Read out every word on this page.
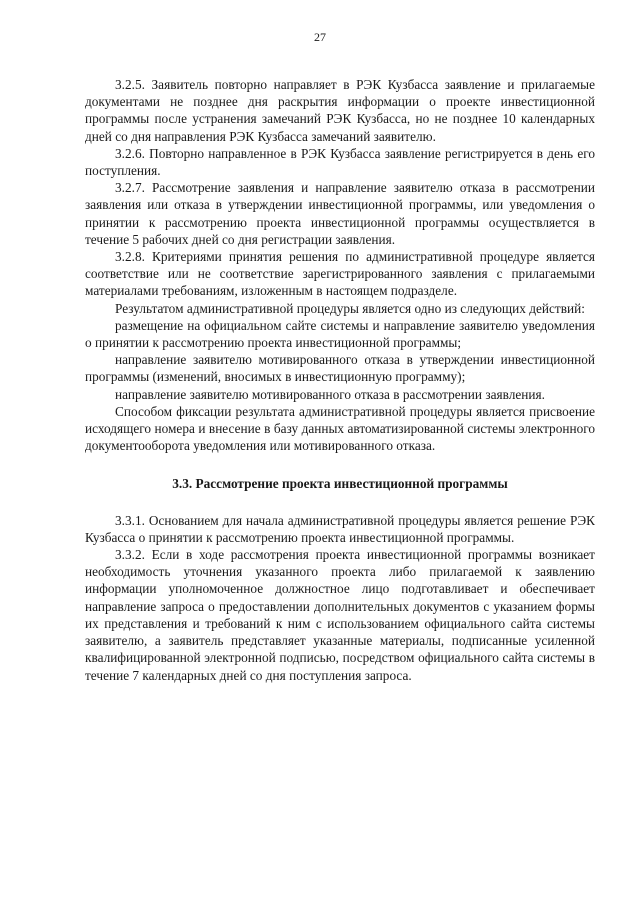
27

3.2.5. Заявитель повторно направляет в РЭК Кузбасса заявление и прилагаемые документами не позднее дня раскрытия информации о проекте инвестиционной программы после устранения замечаний РЭК Кузбасса, но не позднее 10 календарных дней со дня направления РЭК Кузбасса замечаний заявителю.

3.2.6. Повторно направленное в РЭК Кузбасса заявление регистрируется в день его поступления.

3.2.7. Рассмотрение заявления и направление заявителю отказа в рассмотрении заявления или отказа в утверждении инвестиционной программы, или уведомления о принятии к рассмотрению проекта инвестиционной программы осуществляется в течение 5 рабочих дней со дня регистрации заявления.

3.2.8. Критериями принятия решения по административной процедуре является соответствие или не соответствие зарегистрированного заявления с прилагаемыми материалами требованиям, изложенным в настоящем подразделе.

Результатом административной процедуры является одно из следующих действий:

размещение на официальном сайте системы и направление заявителю уведомления о принятии к рассмотрению проекта инвестиционной программы;

направление заявителю мотивированного отказа в утверждении инвестиционной программы (изменений, вносимых в инвестиционную программу);

направление заявителю мотивированного отказа в рассмотрении заявления.

Способом фиксации результата административной процедуры является присвоение исходящего номера и внесение в базу данных автоматизированной системы электронного документооборота уведомления или мотивированного отказа.

3.3. Рассмотрение проекта инвестиционной программы

3.3.1. Основанием для начала административной процедуры является решение РЭК Кузбасса о принятии к рассмотрению проекта инвестиционной программы.

3.3.2. Если в ходе рассмотрения проекта инвестиционной программы возникает необходимость уточнения указанного проекта либо прилагаемой к заявлению информации уполномоченное должностное лицо подготавливает и обеспечивает направление запроса о предоставлении дополнительных документов с указанием формы их представления и требований к ним с использованием официального сайта системы заявителю, а заявитель представляет указанные материалы, подписанные усиленной квалифицированной электронной подписью, посредством официального сайта системы в течение 7 календарных дней со дня поступления запроса.
